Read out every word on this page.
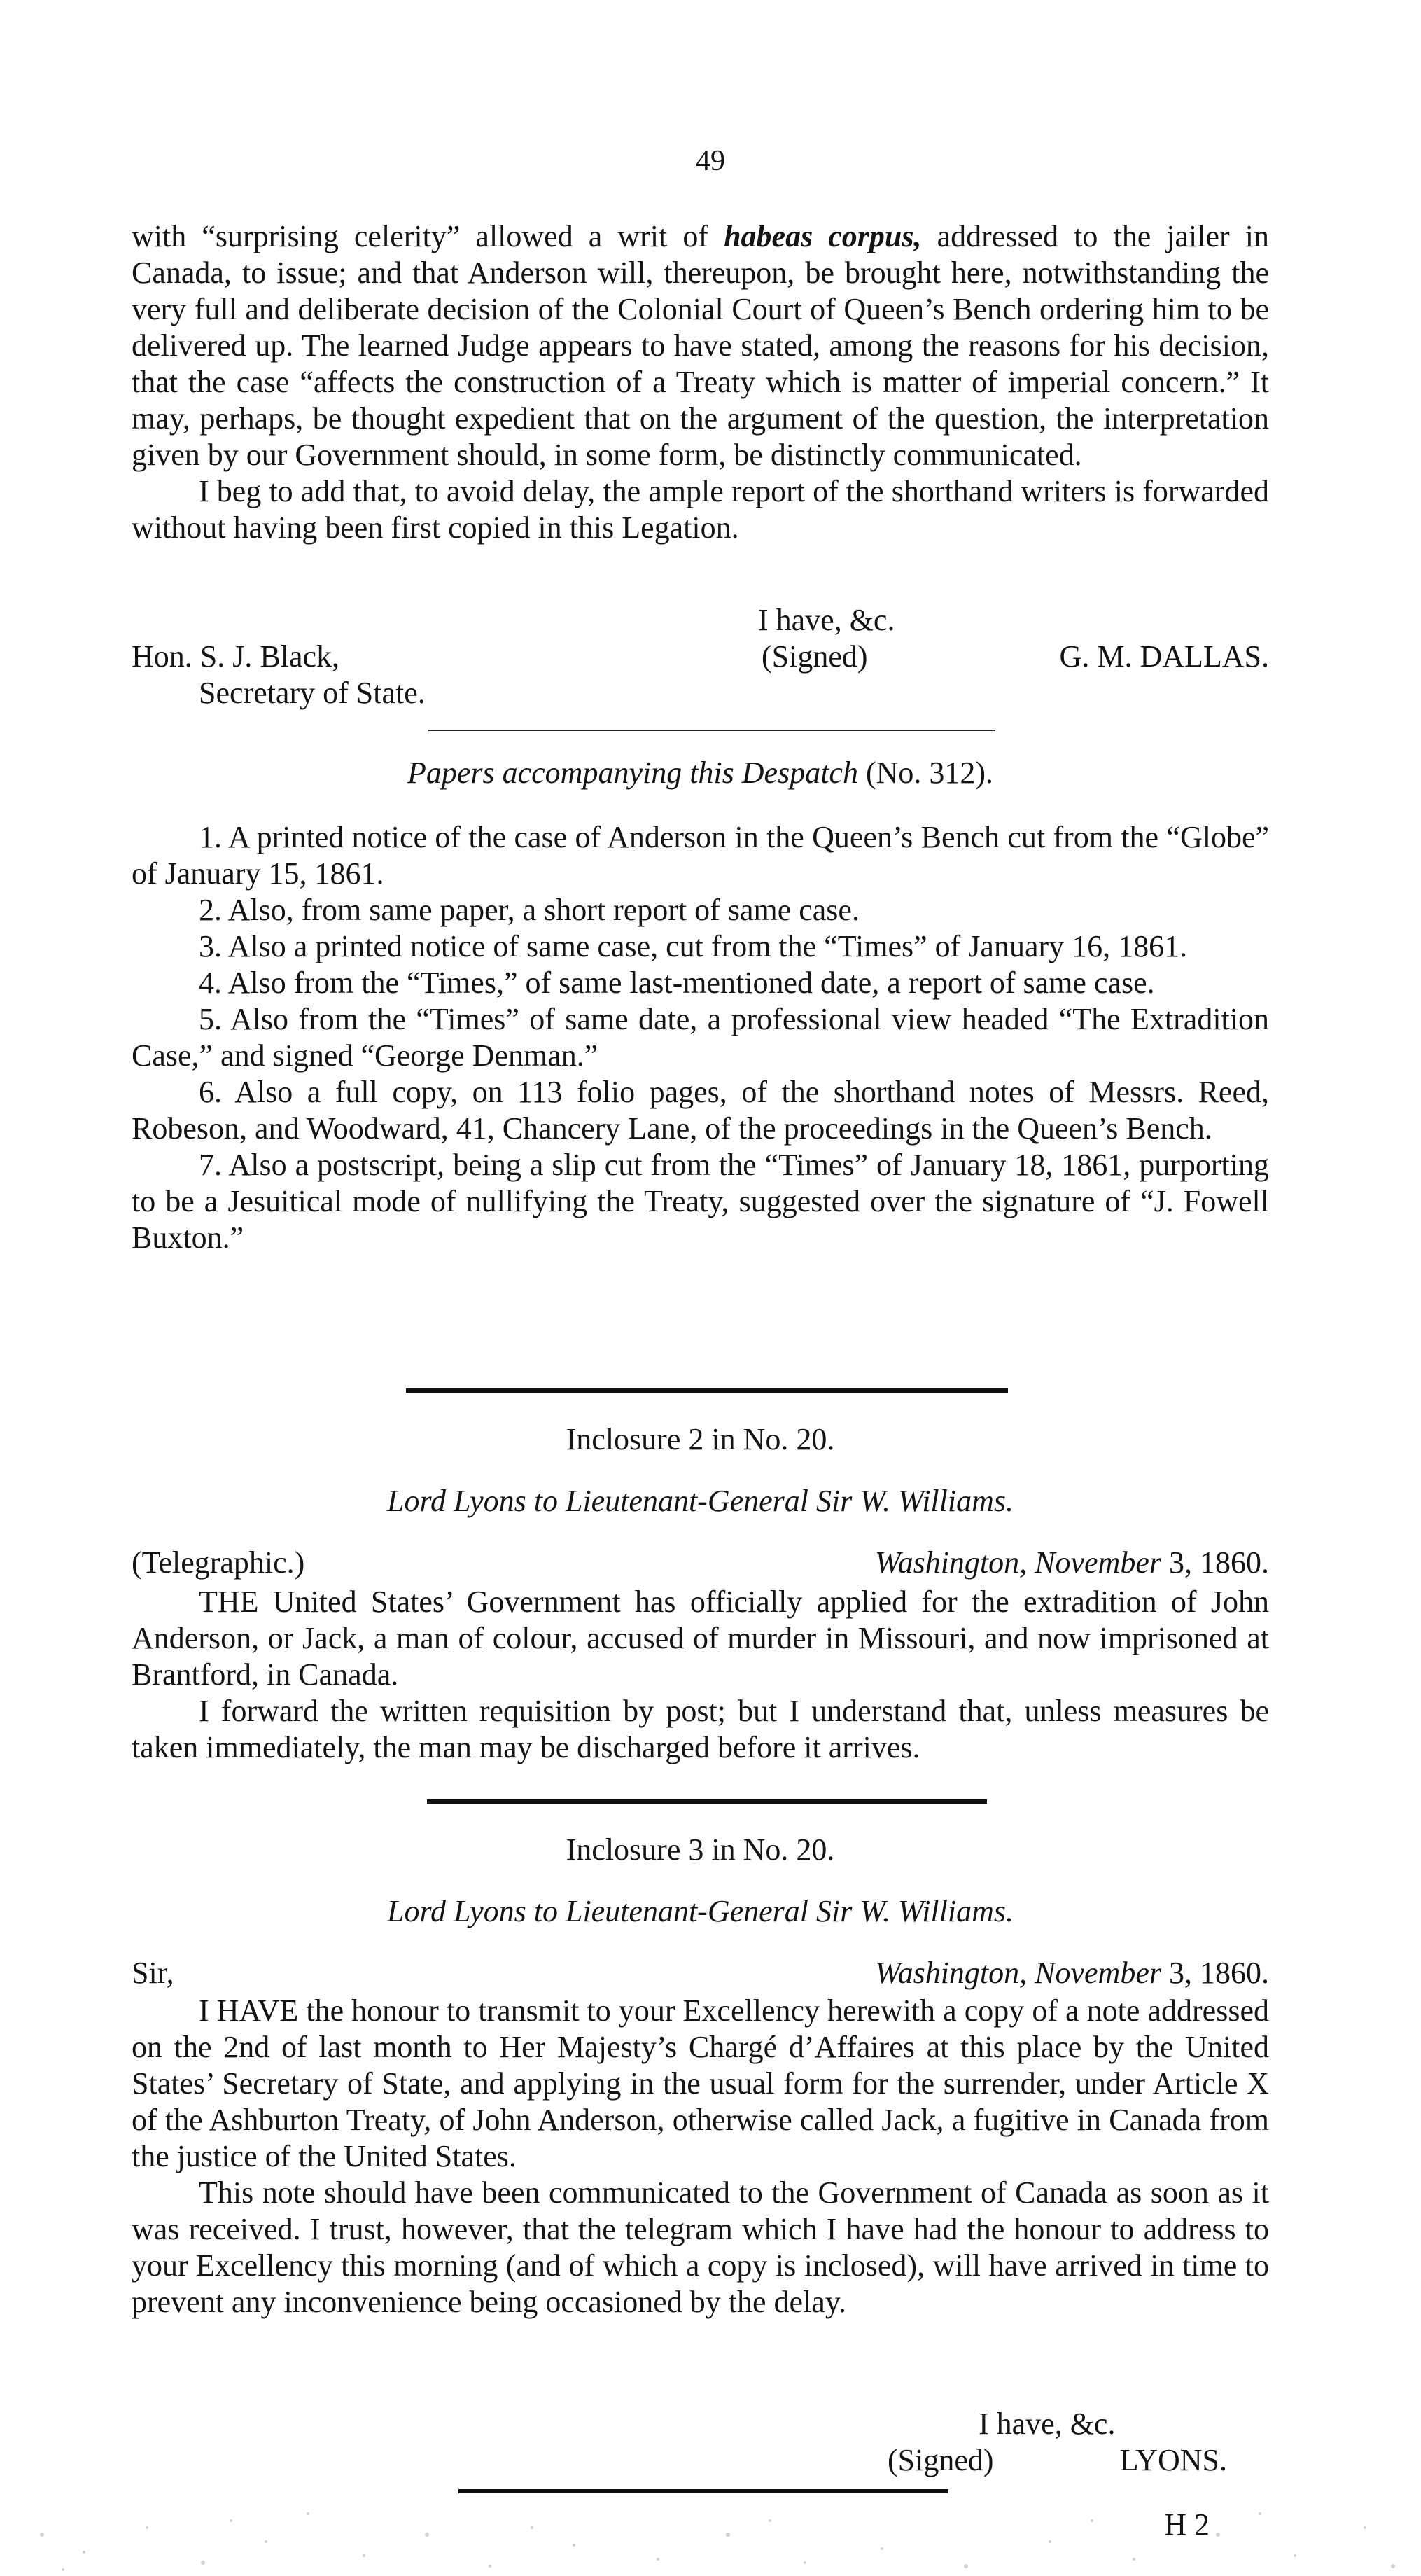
49

with “surprising celerity” allowed a writ of habeas corpus, addressed to the jailer in Canada, to issue; and that Anderson will, thereupon, be brought here, notwithstanding the very full and deliberate decision of the Colonial Court of Queen’s Bench ordering him to be delivered up. The learned Judge appears to have stated, among the reasons for his decision, that the case “affects the construction of a Treaty which is matter of imperial concern.” It may, perhaps, be thought expedient that on the argument of the question, the interpretation given by our Government should, in some form, be distinctly communicated.

I beg to add that, to avoid delay, the ample report of the shorthand writers is forwarded without having been first copied in this Legation.

I have, &c.
Hon. S. J. Black,	(Signed)	G. M. DALLAS.
Secretary of State.
Papers accompanying this Despatch (No. 312).

1. A printed notice of the case of Anderson in the Queen’s Bench cut from the “Globe” of January 15, 1861.

2. Also, from same paper, a short report of same case.

3. Also a printed notice of same case, cut from the “Times” of January 16, 1861.

4. Also from the “Times,” of same last-mentioned date, a report of same case.

5. Also from the “Times” of same date, a professional view headed “The Extradition Case,” and signed “George Denman.”

6. Also a full copy, on 113 folio pages, of the shorthand notes of Messrs. Reed, Robeson, and Woodward, 41, Chancery Lane, of the proceedings in the Queen’s Bench.

7. Also a postscript, being a slip cut from the “Times” of January 18, 1861, purporting to be a Jesuitical mode of nullifying the Treaty, suggested over the signature of “J. Fowell Buxton.”

Inclosure 2 in No. 20.
Lord Lyons to Lieutenant-General Sir W. Williams.
(Telegraphic.)	Washington, November 3, 1860.

THE United States’ Government has officially applied for the extradition of John Anderson, or Jack, a man of colour, accused of murder in Missouri, and now imprisoned at Brantford, in Canada.

I forward the written requisition by post; but I understand that, unless measures be taken immediately, the man may be discharged before it arrives.

Inclosure 3 in No. 20.
Lord Lyons to Lieutenant-General Sir W. Williams.
Sir,	Washington, November 3, 1860.

I HAVE the honour to transmit to your Excellency herewith a copy of a note addressed on the 2nd of last month to Her Majesty’s Chargé d’Affaires at this place by the United States’ Secretary of State, and applying in the usual form for the surrender, under Article X of the Ashburton Treaty, of John Anderson, otherwise called Jack, a fugitive in Canada from the justice of the United States.

This note should have been communicated to the Government of Canada as soon as it was received. I trust, however, that the telegram which I have had the honour to address to your Excellency this morning (and of which a copy is inclosed), will have arrived in time to prevent any inconvenience being occasioned by the delay.

I have, &c.
(Signed)	LYONS.
H 2
